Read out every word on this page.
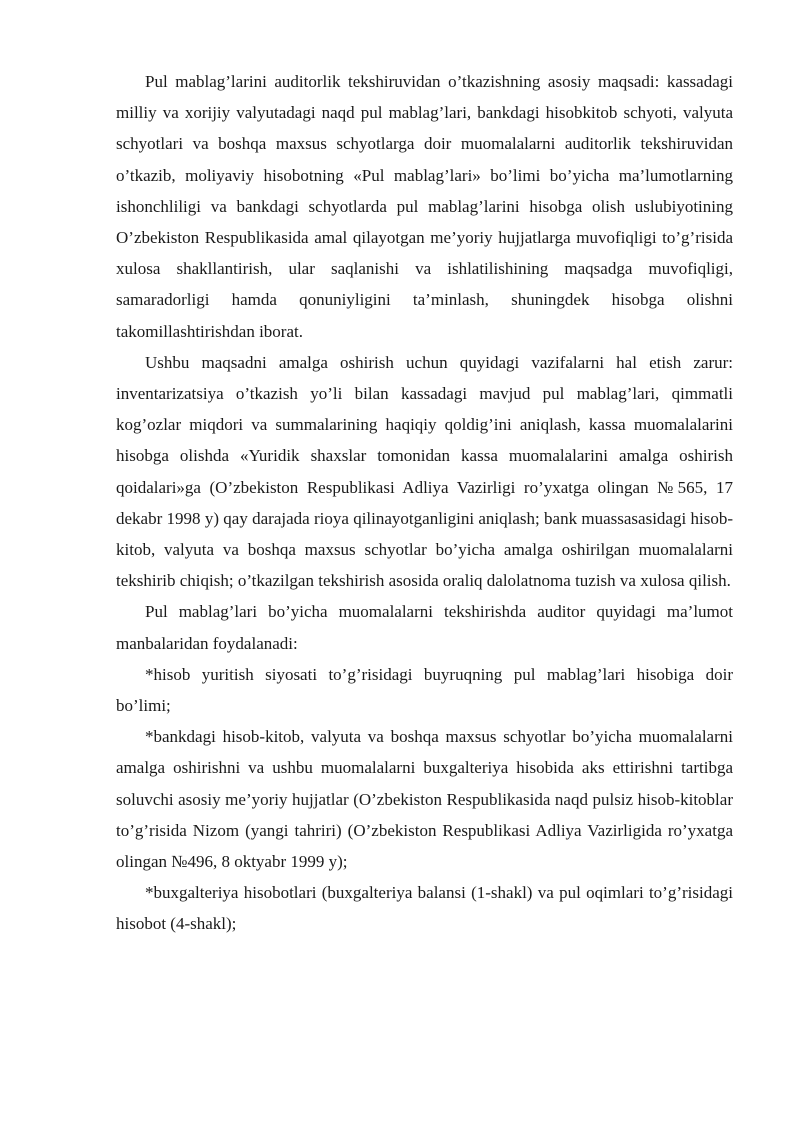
Pul mablag’larini auditorlik tekshiruvidan o’tkazishning asosiy maqsadi: kassadagi milliy va xorijiy valyutadagi naqd pul mablag’lari, bankdagi hisobkitob schyoti, valyuta schyotlari va boshqa maxsus schyotlarga doir muomalalarni auditorlik tekshiruvidan o’tkazib, moliyaviy hisobotning «Pul mablag’lari» bo’limi bo’yicha ma’lumotlarning ishonchliligi va bankdagi schyotlarda pul mablag’larini hisobga olish uslubiyotining O’zbekiston Respublikasida amal qilayotgan me’yoriy hujjatlarga muvofiqligi to’g’risida xulosa shakllantirish, ular saqlanishi va ishlatilishining maqsadga muvofiqligi, samaradorligi hamda qonuniyligini ta’minlash, shuningdek hisobga olishni takomillashtirishdan iborat.

Ushbu maqsadni amalga oshirish uchun quyidagi vazifalarni hal etish zarur: inventarizatsiya o’tkazish yo’li bilan kassadagi mavjud pul mablag’lari, qimmatli kog’ozlar miqdori va summalarining haqiqiy qoldig’ini aniqlash, kassa muomalalarini hisobga olishda «Yuridik shaxslar tomonidan kassa muomalalarini amalga oshirish qoidalari»ga (O’zbekiston Respublikasi Adliya Vazirligi ro’yxatga olingan №565, 17 dekabr 1998 y) qay darajada rioya qilinayotganligini aniqlash; bank muassasasidagi hisob-kitob, valyuta va boshqa maxsus schyotlar bo’yicha amalga oshirilgan muomalalarni tekshirib chiqish; o’tkazilgan tekshirish asosida oraliq dalolatnoma tuzish va xulosa qilish.

Pul mablag’lari bo’yicha muomalalarni tekshirishda auditor quyidagi ma’lumot manbalaridan foydalanadi:

*hisob yuritish siyosati to’g’risidagi buyruqning pul mablag’lari hisobiga doir bo’limi;

*bankdagi hisob-kitob, valyuta va boshqa maxsus schyotlar bo’yicha muomalalarni amalga oshirishni va ushbu muomalalarni buxgalteriya hisobida aks ettirishni tartibga soluvchi asosiy me’yoriy hujjatlar (O’zbekiston Respublikasida naqd pulsiz hisob-kitoblar to’g’risida Nizom (yangi tahriri) (O’zbekiston Respublikasi Adliya Vazirligida ro’yxatga olingan №496, 8 oktyabr 1999 y);

*buxgalteriya hisobotlari (buxgalteriya balansi (1-shakl) va pul oqimlari to’g’risidagi hisobot (4-shakl);
